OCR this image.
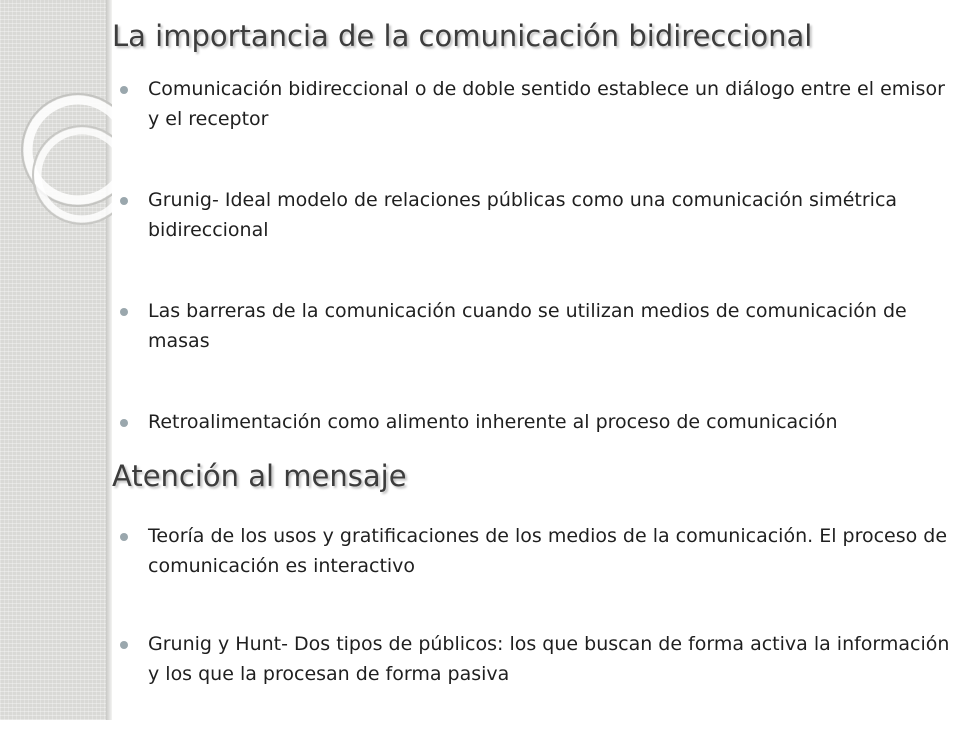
La importancia de la comunicación bidireccional
Comunicación bidireccional o de doble sentido establece un diálogo entre el emisor y el receptor
Grunig- Ideal modelo de relaciones públicas como una comunicación simétrica bidireccional
Las barreras de la comunicación cuando se utilizan medios de comunicación de masas
Retroalimentación como alimento inherente al proceso de comunicación
Atención al mensaje
Teoría de los usos y gratificaciones de los medios de la comunicación. El proceso de comunicación es interactivo
Grunig y Hunt- Dos tipos de públicos: los que buscan de forma activa la información y los que la procesan de forma pasiva
